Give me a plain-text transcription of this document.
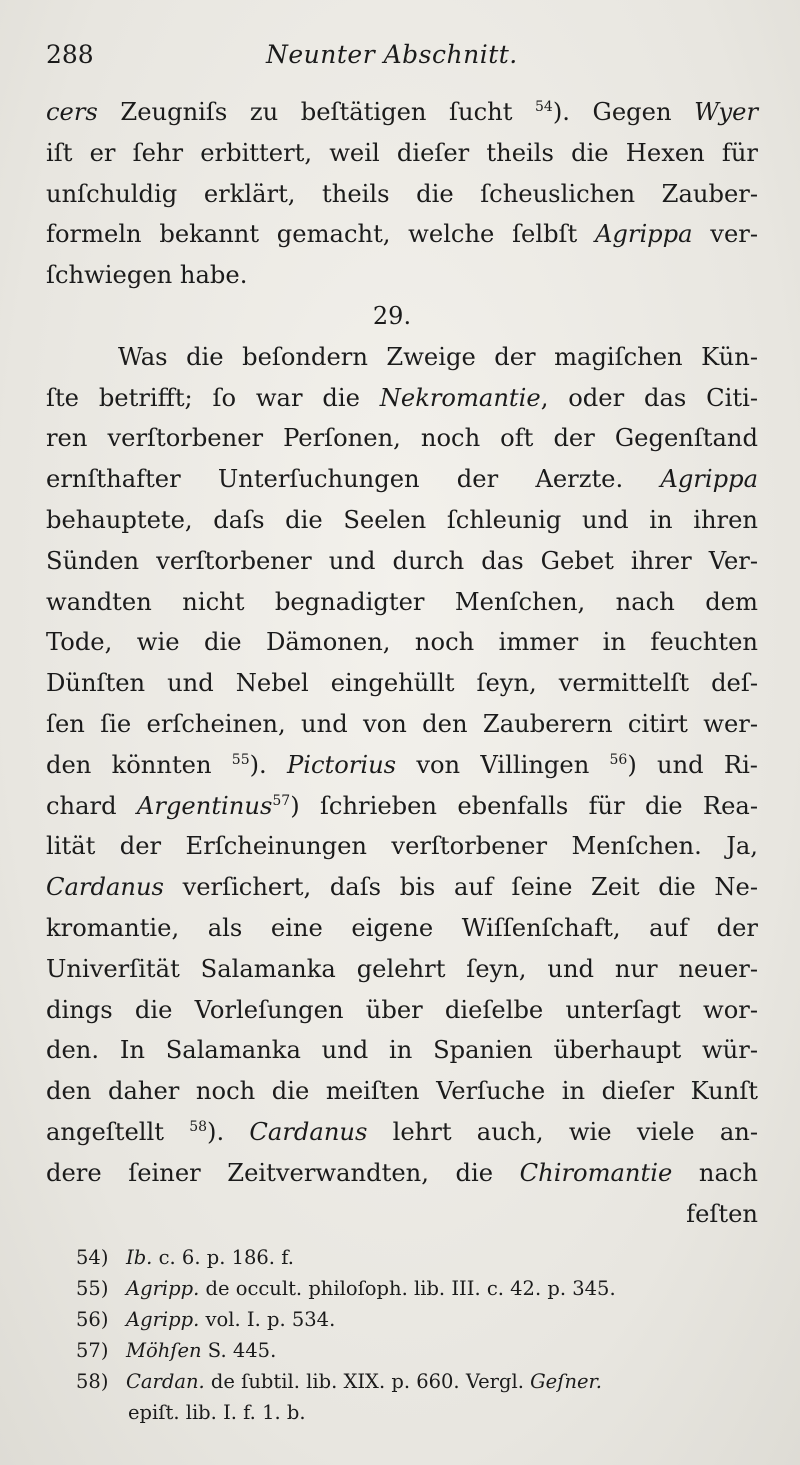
288	Neunter Abschnitt.
cers Zeugniſs zu beſtätigen ſucht $^{54}$). Gegen Wyer
iſt er ſehr erbittert, weil dieſer theils die Hexen für
unſchuldig erklärt, theils die ſcheuslichen Zauber-
formeln bekannt gemacht, welche ſelbſt Agrippa ver-
ſchwiegen habe.
29.
Was die beſondern Zweige der magiſchen Kün-
ſte betrifft; ſo war die Nekromantie, oder das Citi-
ren verſtorbener Perſonen, noch oft der Gegenſtand
ernſthafter Unterſuchungen der Aerzte. Agrippa
behauptete, daſs die Seelen ſchleunig und in ihren
Sünden verſtorbener und durch das Gebet ihrer Ver-
wandten nicht begnadigter Menſchen, nach dem
Tode, wie die Dämonen, noch immer in feuchten
Dünſten und Nebel eingehüllt ſeyn, vermittelſt deſ-
ſen ſie erſcheinen, und von den Zauberern citirt wer-
den könnten $^{55}$). Pictorius von Villingen $^{56}$) und Ri-
chard Argentinus$^{57}$) ſchrieben ebenfalls für die Rea-
lität der Erſcheinungen verſtorbener Menſchen. Ja,
Cardanus verſichert, daſs bis auf ſeine Zeit die Ne-
kromantie, als eine eigene Wiſſenſchaft, auf der
Univerſität Salamanka gelehrt ſeyn, und nur neuer-
dings die Vorleſungen über dieſelbe unterſagt wor-
den. In Salamanka und in Spanien überhaupt wür-
den daher noch die meiſten Verſuche in dieſer Kunſt
angeſtellt $^{58}$). Cardanus lehrt auch, wie viele an-
dere ſeiner Zeitverwandten, die Chiromantie nach
feſten
54) Ib. c. 6. p. 186. f.
55) Agripp. de occult. philoſoph. lib. III. c. 42. p. 345.
56) Agripp. vol. I. p. 534.
57) Möhſen S. 445.
58) Cardan. de ſubtil. lib. XIX. p. 660. Vergl. Geſner.
epiſt. lib. I. f. 1. b.
